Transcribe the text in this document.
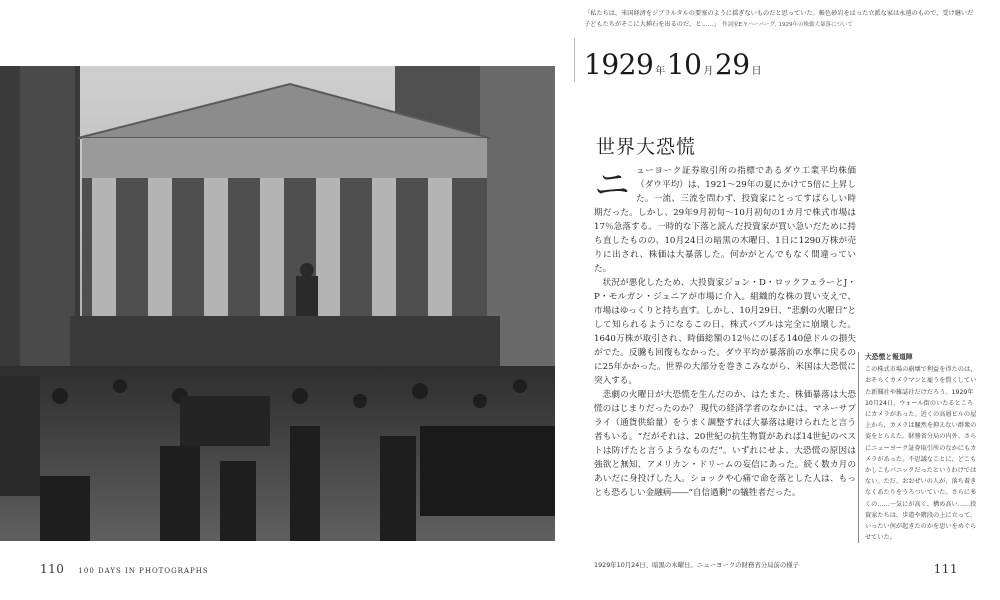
110 100 DAYS IN PHOTOGRAPHS
「私たちは、米国経済をジブラルタルの要塞のように揺ぎないものだと思っていた。帳色砂岩をはった立派な家は永遠のもので、受け継いだ子どもたちがそこに大挿石を出るのだ、と……」 作詞家E.Y.ハーバーグ, 1929年の株価大暴落について
1929 年10 月29 日
世界大恐慌

ニューヨーク証券取引所の指標であるダウ工業平均株価（ダウ平均）は、1921～29年の夏にかけて5倍に上昇した。一流、三流を問わず、投資家にとってすばらしい時期だった。しかし、29年9月初旬～10月初旬の1カ月で株式市場は17％急落する。一時的な下落と読んだ投資家が買い急いだために持ち直したものの、10月24日の暗黒の木曜日、1日に1290万株が売りに出され、株価は大暴落した。何かがとんでもなく間違っていた。

状況が悪化したため、大投資家ジョン・D・ロックフェラーとJ・P・モルガン・ジュニアが市場に介入。組織的な株の買い支えで、市場はゆっくりと持ち直す。しかし、10月29日、“悲劇の火曜日”として知られるようになるこの日、株式バブルは完全に崩壊した。1640万株が取引され、時価総額の12％にのぼる140億ドルの損失がでた。反騰も回復もなかった。ダウ平均が暴落前の水準に戻るのに25年かかった。世界の大部分を巻きこみながら、米国は大恐慌に突入する。

悲劇の火曜日が大恐慌を生んだのか、はたまた、株価暴落は大恐慌のはじまりだったのか？ 現代の経済学者のなかには、マネーサプライ（通貨供給量）をうまく調整すれば大暴落は避けられたと言う者もいる。“だがそれは、20世紀の抗生物質があれば14世紀のペストは防げたと言うようなものだ”。いずれにせよ、大恐慌の原因は強欲と無知、アメリカン・ドリームの妄信にあった。続く数カ月のあいだに身投げした人。ショックや心痛で命を落とした人は、もっとも恐ろしい金融病――“自信過剰”の犠牲者だった。

1929年10月24日、暗黒の木曜日。ニューヨークの財務省分局前の様子
大恐慌と報道陣
この株式市場の崩壊で利益を得たのは、おそらくカメラマンと雇うを賢くしていた新聞社や雑誌社だけだろう。1929年10月24日、ウォール街のいたるところにカメラがあった。近くの高層ビルの屋上から、カメラは騒然を抑えない群衆の姿をとらえた。財務省分局の内外、さらにニューヨーク証券取引所のなかにもカメラがあった。不思議なことに、どこもかしこもパニックだったというわけではない。ただ、おおぜいの人が、落ち着きなくあたりをうろついていた。さらに多くの……一気にが高く、構め高い……投資家たちは、歩道や階段の上に立って、いったい何が起きたのかを思いをめぐらせていた。
111
